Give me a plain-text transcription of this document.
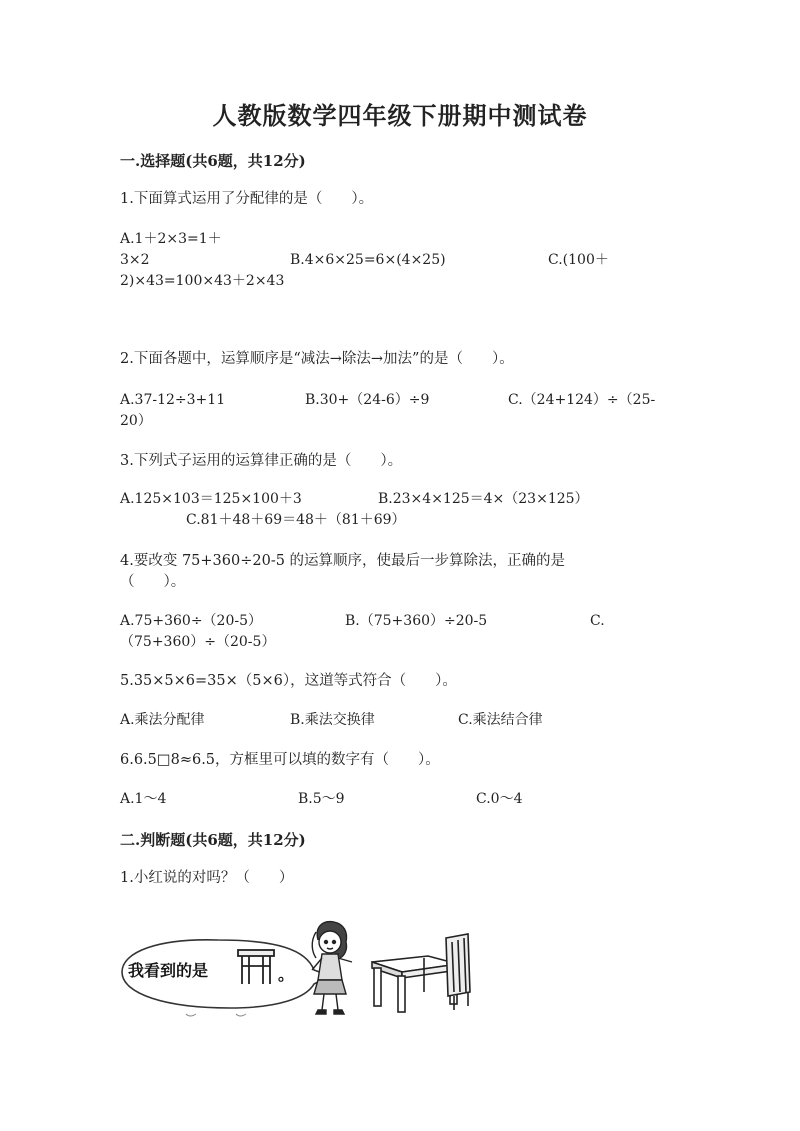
人教版数学四年级下册期中测试卷
一.选择题(共6题，共12分)
1.下面算式运用了分配律的是（　　）。
A.1＋2×3=1＋
3×2	B.4×6×25=6×(4×25)	C.(100＋
2)×43=100×43＋2×43
2.下面各题中，运算顺序是“减法→除法→加法”的是（　　）。
A.37-12÷3+11	B.30+（24-6）÷9	C.（24+124）÷（25-
20）
3.下列式子运用的运算律正确的是（　　）。
A.125×103＝125×100＋3	B.23×4×125＝4×（23×125）
C.81＋48＋69＝48＋（81＋69）
4.要改变 75+360÷20-5 的运算顺序，使最后一步算除法，正确的是
（　　）。
A.75+360÷（20-5）	B.（75+360）÷20-5	C.
（75+360）÷（20-5）
5.35×5×6=35×（5×6），这道等式符合（　　）。
A.乘法分配律	B.乘法交换律	C.乘法结合律
6.6.5□8≈6.5，方框里可以填的数字有（　　）。
A.1～4	B.5～9	C.0～4
二.判断题(共6题，共12分)
1.小红说的对吗？（　　）
我看到的是	。
